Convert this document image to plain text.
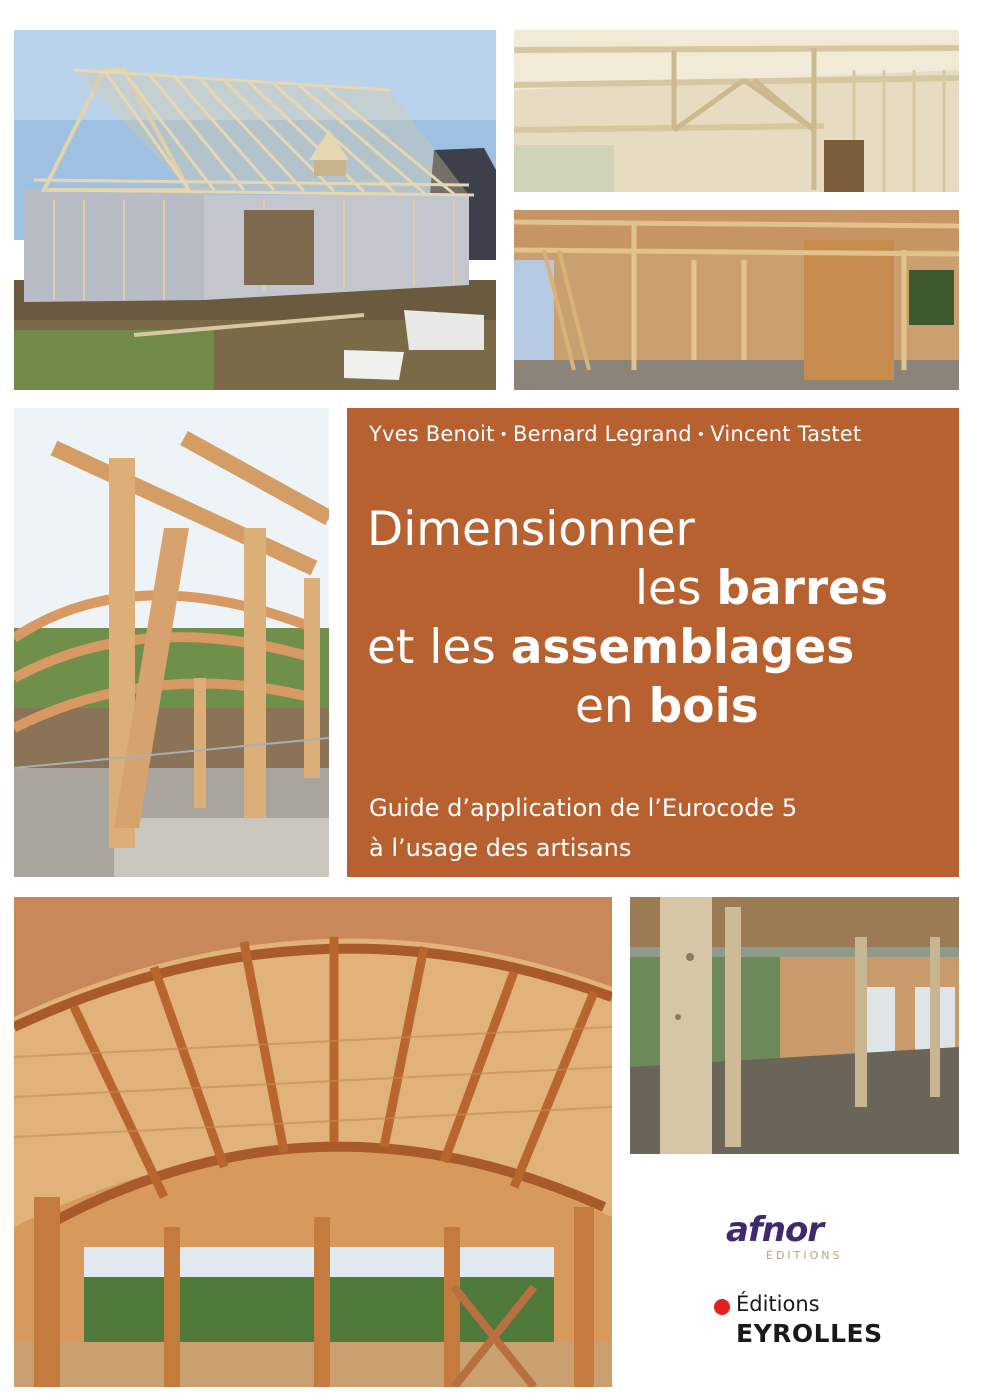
Yves Benoit • Bernard Legrand • Vincent Tastet
Dimensionner
les barres
et les assemblages
en bois
Guide d’application de l’Eurocode 5
à l’usage des artisans
afnor
ÉDITIONS
Éditions
EYROLLES
